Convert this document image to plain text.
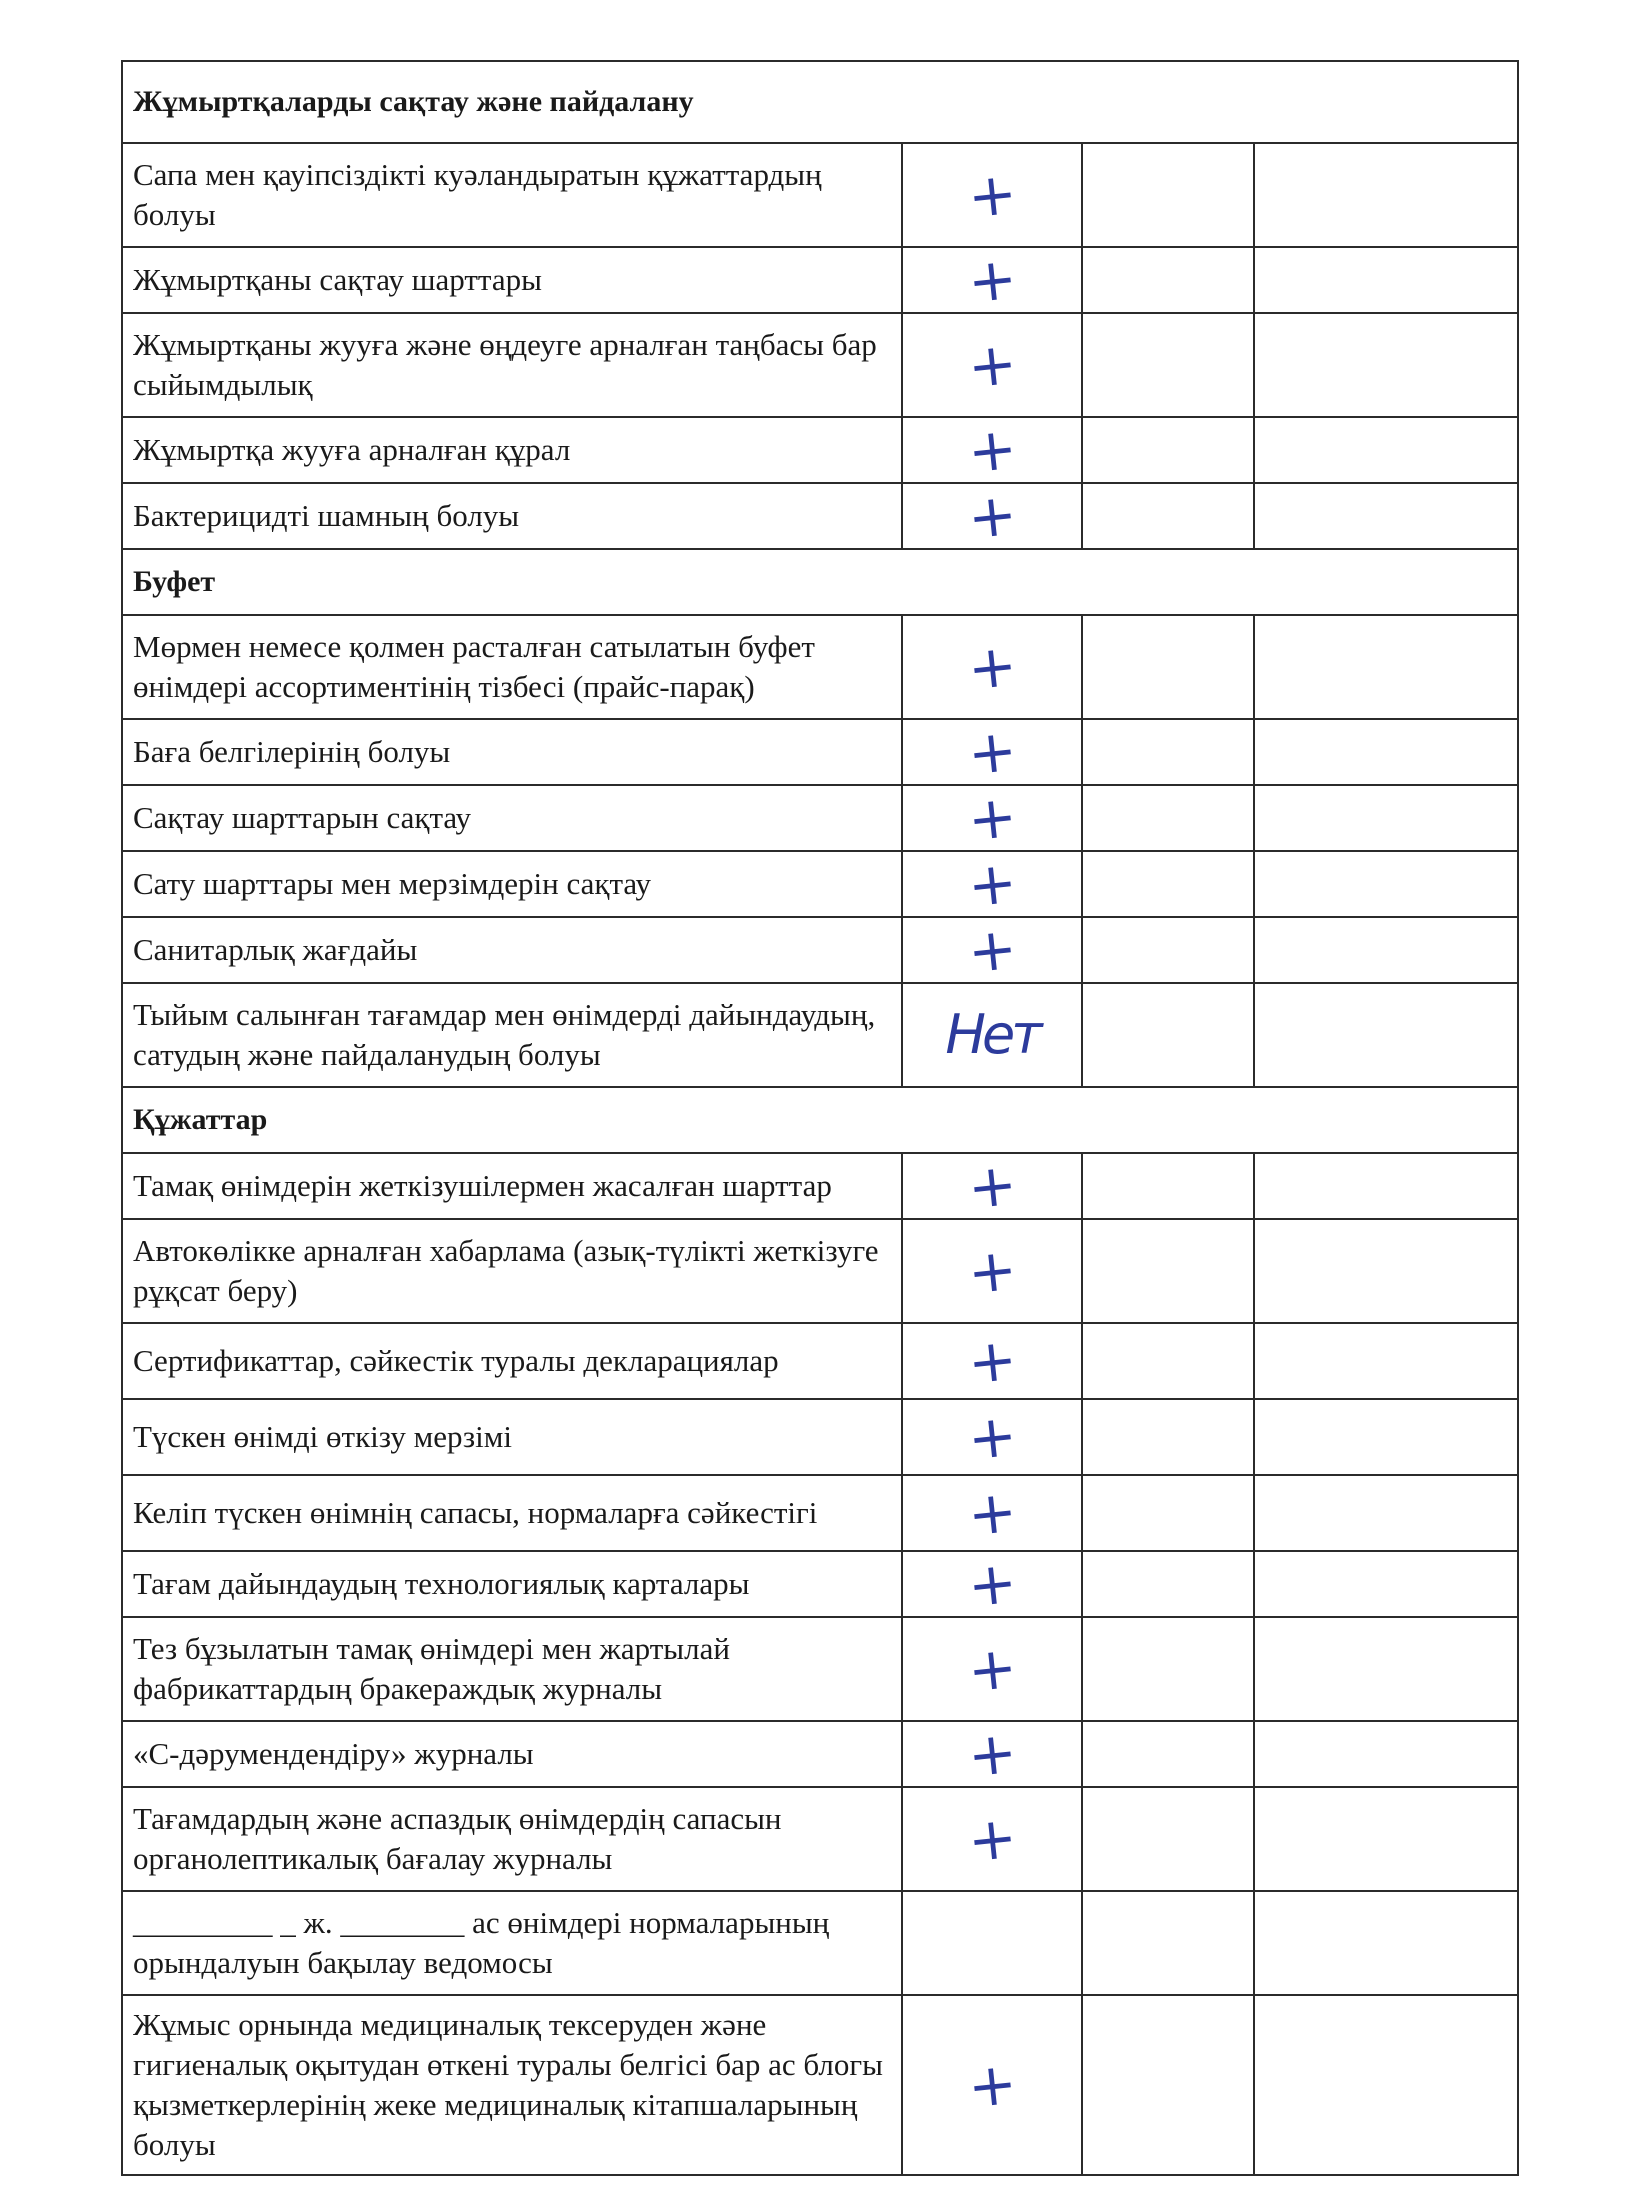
Жұмыртқаларды сақтау және пайдалану			
Сапа мен қауіпсіздікті куәландыратын құжаттардың болуы	+		
Жұмыртқаны сақтау шарттары	+		
Жұмыртқаны жууға және өңдеуге арналған таңбасы бар сыйымдылық	+		
Жұмыртқа жууға арналған құрал	+		
Бактерицидті шамның болуы	+		
Буфет			
Мөрмен немесе қолмен расталған сатылатын буфет өнімдері ассортиментінің тізбесі (прайс-парақ)	+		
Баға белгілерінің болуы	+		
Сақтау шарттарын сақтау	+		
Сату шарттары мен мерзімдерін сақтау	+		
Санитарлық жағдайы	+		
Тыйым салынған тағамдар мен өнімдерді дайындаудың, сатудың және пайдаланудың болуы	Нет		
Құжаттар			
Тамақ өнімдерін жеткізушілермен жасалған шарттар	+		
Автокөлікке арналған хабарлама (азық-түлікті жеткізуге рұқсат беру)	+		
Сертификаттар, сәйкестік туралы декларациялар	+		
Түскен өнімді өткізу мерзімі	+		
Келіп түскен өнімнің сапасы, нормаларға сәйкестігі	+		
Тағам дайындаудың технологиялық карталары	+		
Тез бұзылатын тамақ өнімдері мен жартылай фабрикаттардың бракераждық журналы	+		
«С-дәрумендендіру» журналы	+		
Тағамдардың және аспаздық өнімдердің сапасын органолептикалық бағалау журналы	+		
_________ _ ж. ________ ас өнімдері нормаларының орындалуын бақылау ведомосы			
Жұмыс орнында медициналық тексеруден және гигиеналық оқытудан өткені туралы белгісі бар ас блогы қызметкерлерінің жеке медициналық кітапшаларының болуы	+		
